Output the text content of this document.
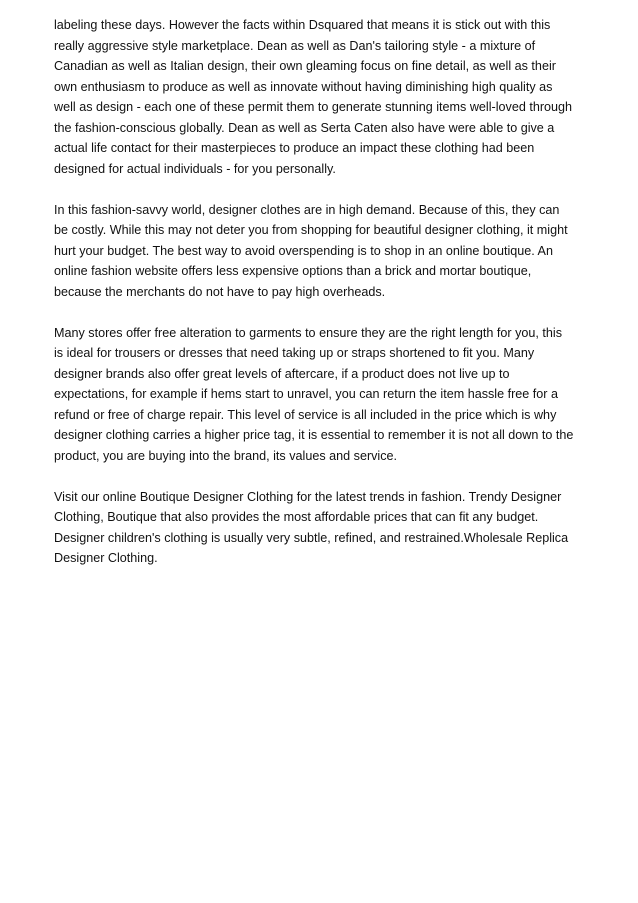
labeling these days. However the facts within Dsquared that means it is stick out with this
really aggressive style marketplace. Dean as well as Dan's tailoring style - a mixture of
Canadian as well as Italian design, their own gleaming focus on fine detail, as well as their
own enthusiasm to produce as well as innovate without having diminishing high quality as
well as design - each one of these permit them to generate stunning items well-loved through
the fashion-conscious globally. Dean as well as Serta Caten also have were able to give a
actual life contact for their masterpieces to produce an impact these clothing had been
designed for actual individuals - for you personally.

In this fashion-savvy world, designer clothes are in high demand. Because of this, they can
be costly. While this may not deter you from shopping for beautiful designer clothing, it might
hurt your budget. The best way to avoid overspending is to shop in an online boutique. An
online fashion website offers less expensive options than a brick and mortar boutique,
because the merchants do not have to pay high overheads.

Many stores offer free alteration to garments to ensure they are the right length for you, this
is ideal for trousers or dresses that need taking up or straps shortened to fit you. Many
designer brands also offer great levels of aftercare, if a product does not live up to
expectations, for example if hems start to unravel, you can return the item hassle free for a
refund or free of charge repair. This level of service is all included in the price which is why
designer clothing carries a higher price tag, it is essential to remember it is not all down to the
product, you are buying into the brand, its values and service.

Visit our online Boutique Designer Clothing for the latest trends in fashion. Trendy Designer
Clothing, Boutique that also provides the most affordable prices that can fit any budget.
Designer children's clothing is usually very subtle, refined, and restrained.Wholesale Replica
Designer Clothing.
